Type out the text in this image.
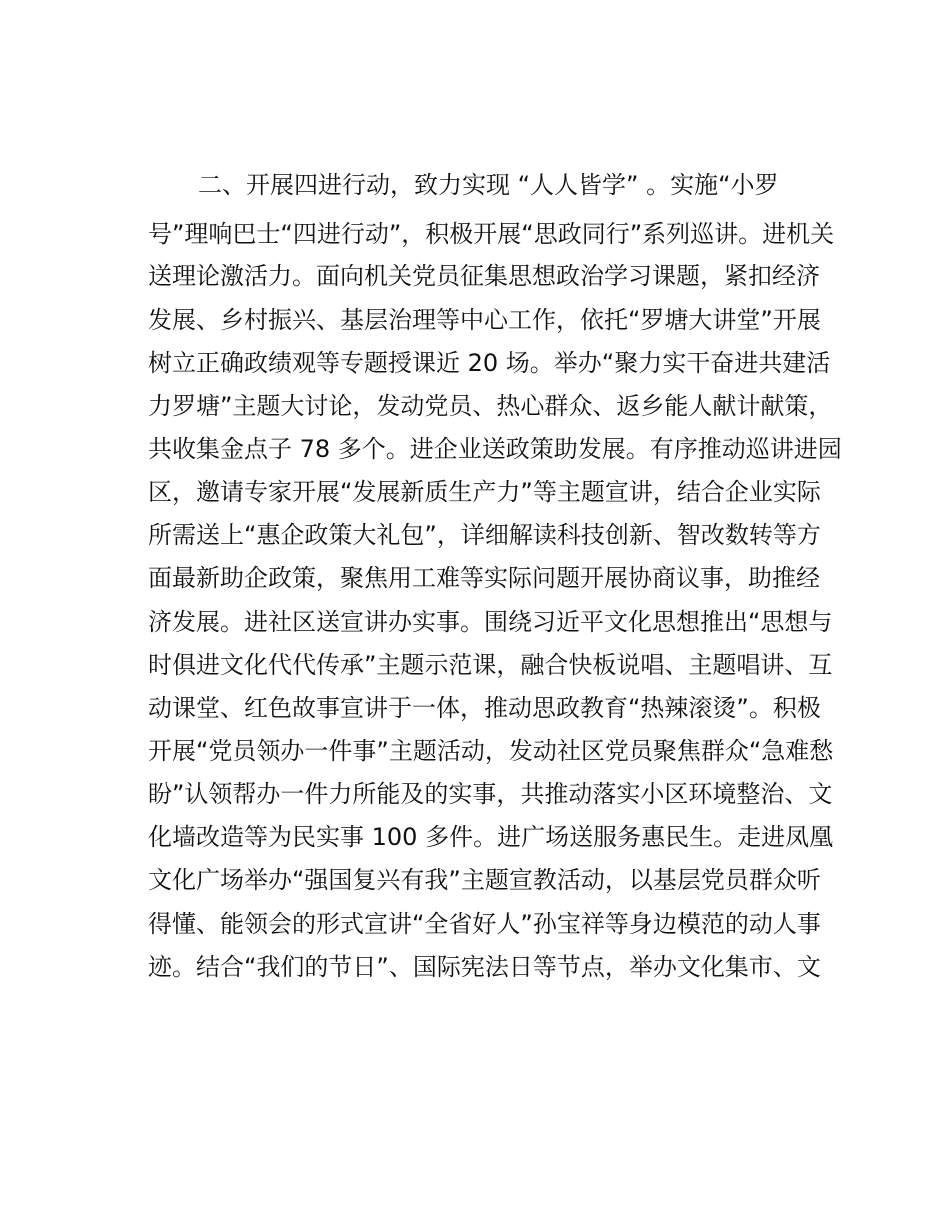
二、开展四进行动，致力实现 “人人皆学” 。实施“小罗
号”理响巴士“四进行动”，积极开展“思政同行”系列巡讲。进机关
送理论激活力。面向机关党员征集思想政治学习课题，紧扣经济
发展、乡村振兴、基层治理等中心工作，依托“罗塘大讲堂”开展
树立正确政绩观等专题授课近 20 场。举办“聚力实干奋进共建活
力罗塘”主题大讨论，发动党员、热心群众、返乡能人献计献策，
共收集金点子 78 多个。进企业送政策助发展。有序推动巡讲进园
区，邀请专家开展“发展新质生产力”等主题宣讲，结合企业实际
所需送上“惠企政策大礼包”，详细解读科技创新、智改数转等方
面最新助企政策，聚焦用工难等实际问题开展协商议事，助推经
济发展。进社区送宣讲办实事。围绕习近平文化思想推出“思想与
时俱进文化代代传承”主题示范课，融合快板说唱、主题唱讲、互
动课堂、红色故事宣讲于一体，推动思政教育“热辣滚烫”。积极
开展“党员领办一件事”主题活动，发动社区党员聚焦群众“急难愁
盼”认领帮办一件力所能及的实事，共推动落实小区环境整治、文
化墙改造等为民实事 100 多件。进广场送服务惠民生。走进凤凰
文化广场举办“强国复兴有我”主题宣教活动，以基层党员群众听
得懂、能领会的形式宣讲“全省好人”孙宝祥等身边模范的动人事
迹。结合“我们的节日”、国际宪法日等节点，举办文化集市、文
